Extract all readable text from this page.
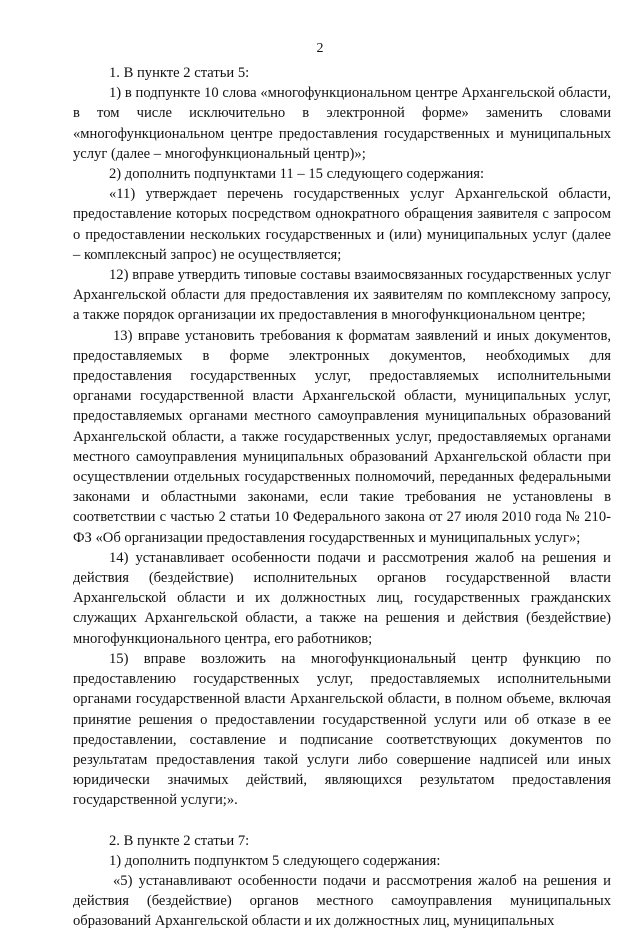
2

1. В пункте 2 статьи 5:

1) в подпункте 10 слова «многофункциональном центре Архангельской области, в том числе исключительно в электронной форме» заменить словами «многофункциональном центре предоставления государственных и муниципальных услуг (далее – многофункциональный центр)»;

2) дополнить подпунктами 11 – 15 следующего содержания:

«11) утверждает перечень государственных услуг Архангельской области, предоставление которых посредством однократного обращения заявителя с запросом о предоставлении нескольких государственных и (или) муниципальных услуг (далее – комплексный запрос) не осуществляется;

12) вправе утвердить типовые составы взаимосвязанных государственных услуг Архангельской области для предоставления их заявителям по комплексному запросу, а также порядок организации их предоставления в многофункциональном центре;

13) вправе установить требования к форматам заявлений и иных документов, предоставляемых в форме электронных документов, необходимых для предоставления государственных услуг, предоставляемых исполнительными органами государственной власти Архангельской области, муниципальных услуг, предоставляемых органами местного самоуправления муниципальных образований Архангельской области, а также государственных услуг, предоставляемых органами местного самоуправления муниципальных образований Архангельской области при осуществлении отдельных государственных полномочий, переданных федеральными законами и областными законами, если такие требования не установлены в соответствии с частью 2 статьи 10 Федерального закона от 27 июля 2010 года № 210-ФЗ «Об организации предоставления государственных и муниципальных услуг»;

14) устанавливает особенности подачи и рассмотрения жалоб на решения и действия (бездействие) исполнительных органов государственной власти Архангельской области и их должностных лиц, государственных гражданских служащих Архангельской области, а также на решения и действия (бездействие) многофункционального центра, его работников;

15) вправе возложить на многофункциональный центр функцию по предоставлению государственных услуг, предоставляемых исполнительными органами государственной власти Архангельской области, в полном объеме, включая принятие решения о предоставлении государственной услуги или об отказе в ее предоставлении, составление и подписание соответствующих документов по результатам предоставления такой услуги либо совершение надписей или иных юридически значимых действий, являющихся результатом предоставления государственной услуги;».

2. В пункте 2 статьи 7:

1) дополнить подпунктом 5 следующего содержания:

«5) устанавливают особенности подачи и рассмотрения жалоб на решения и действия (бездействие) органов местного самоуправления муниципальных образований Архангельской области и их должностных лиц, муниципальных
